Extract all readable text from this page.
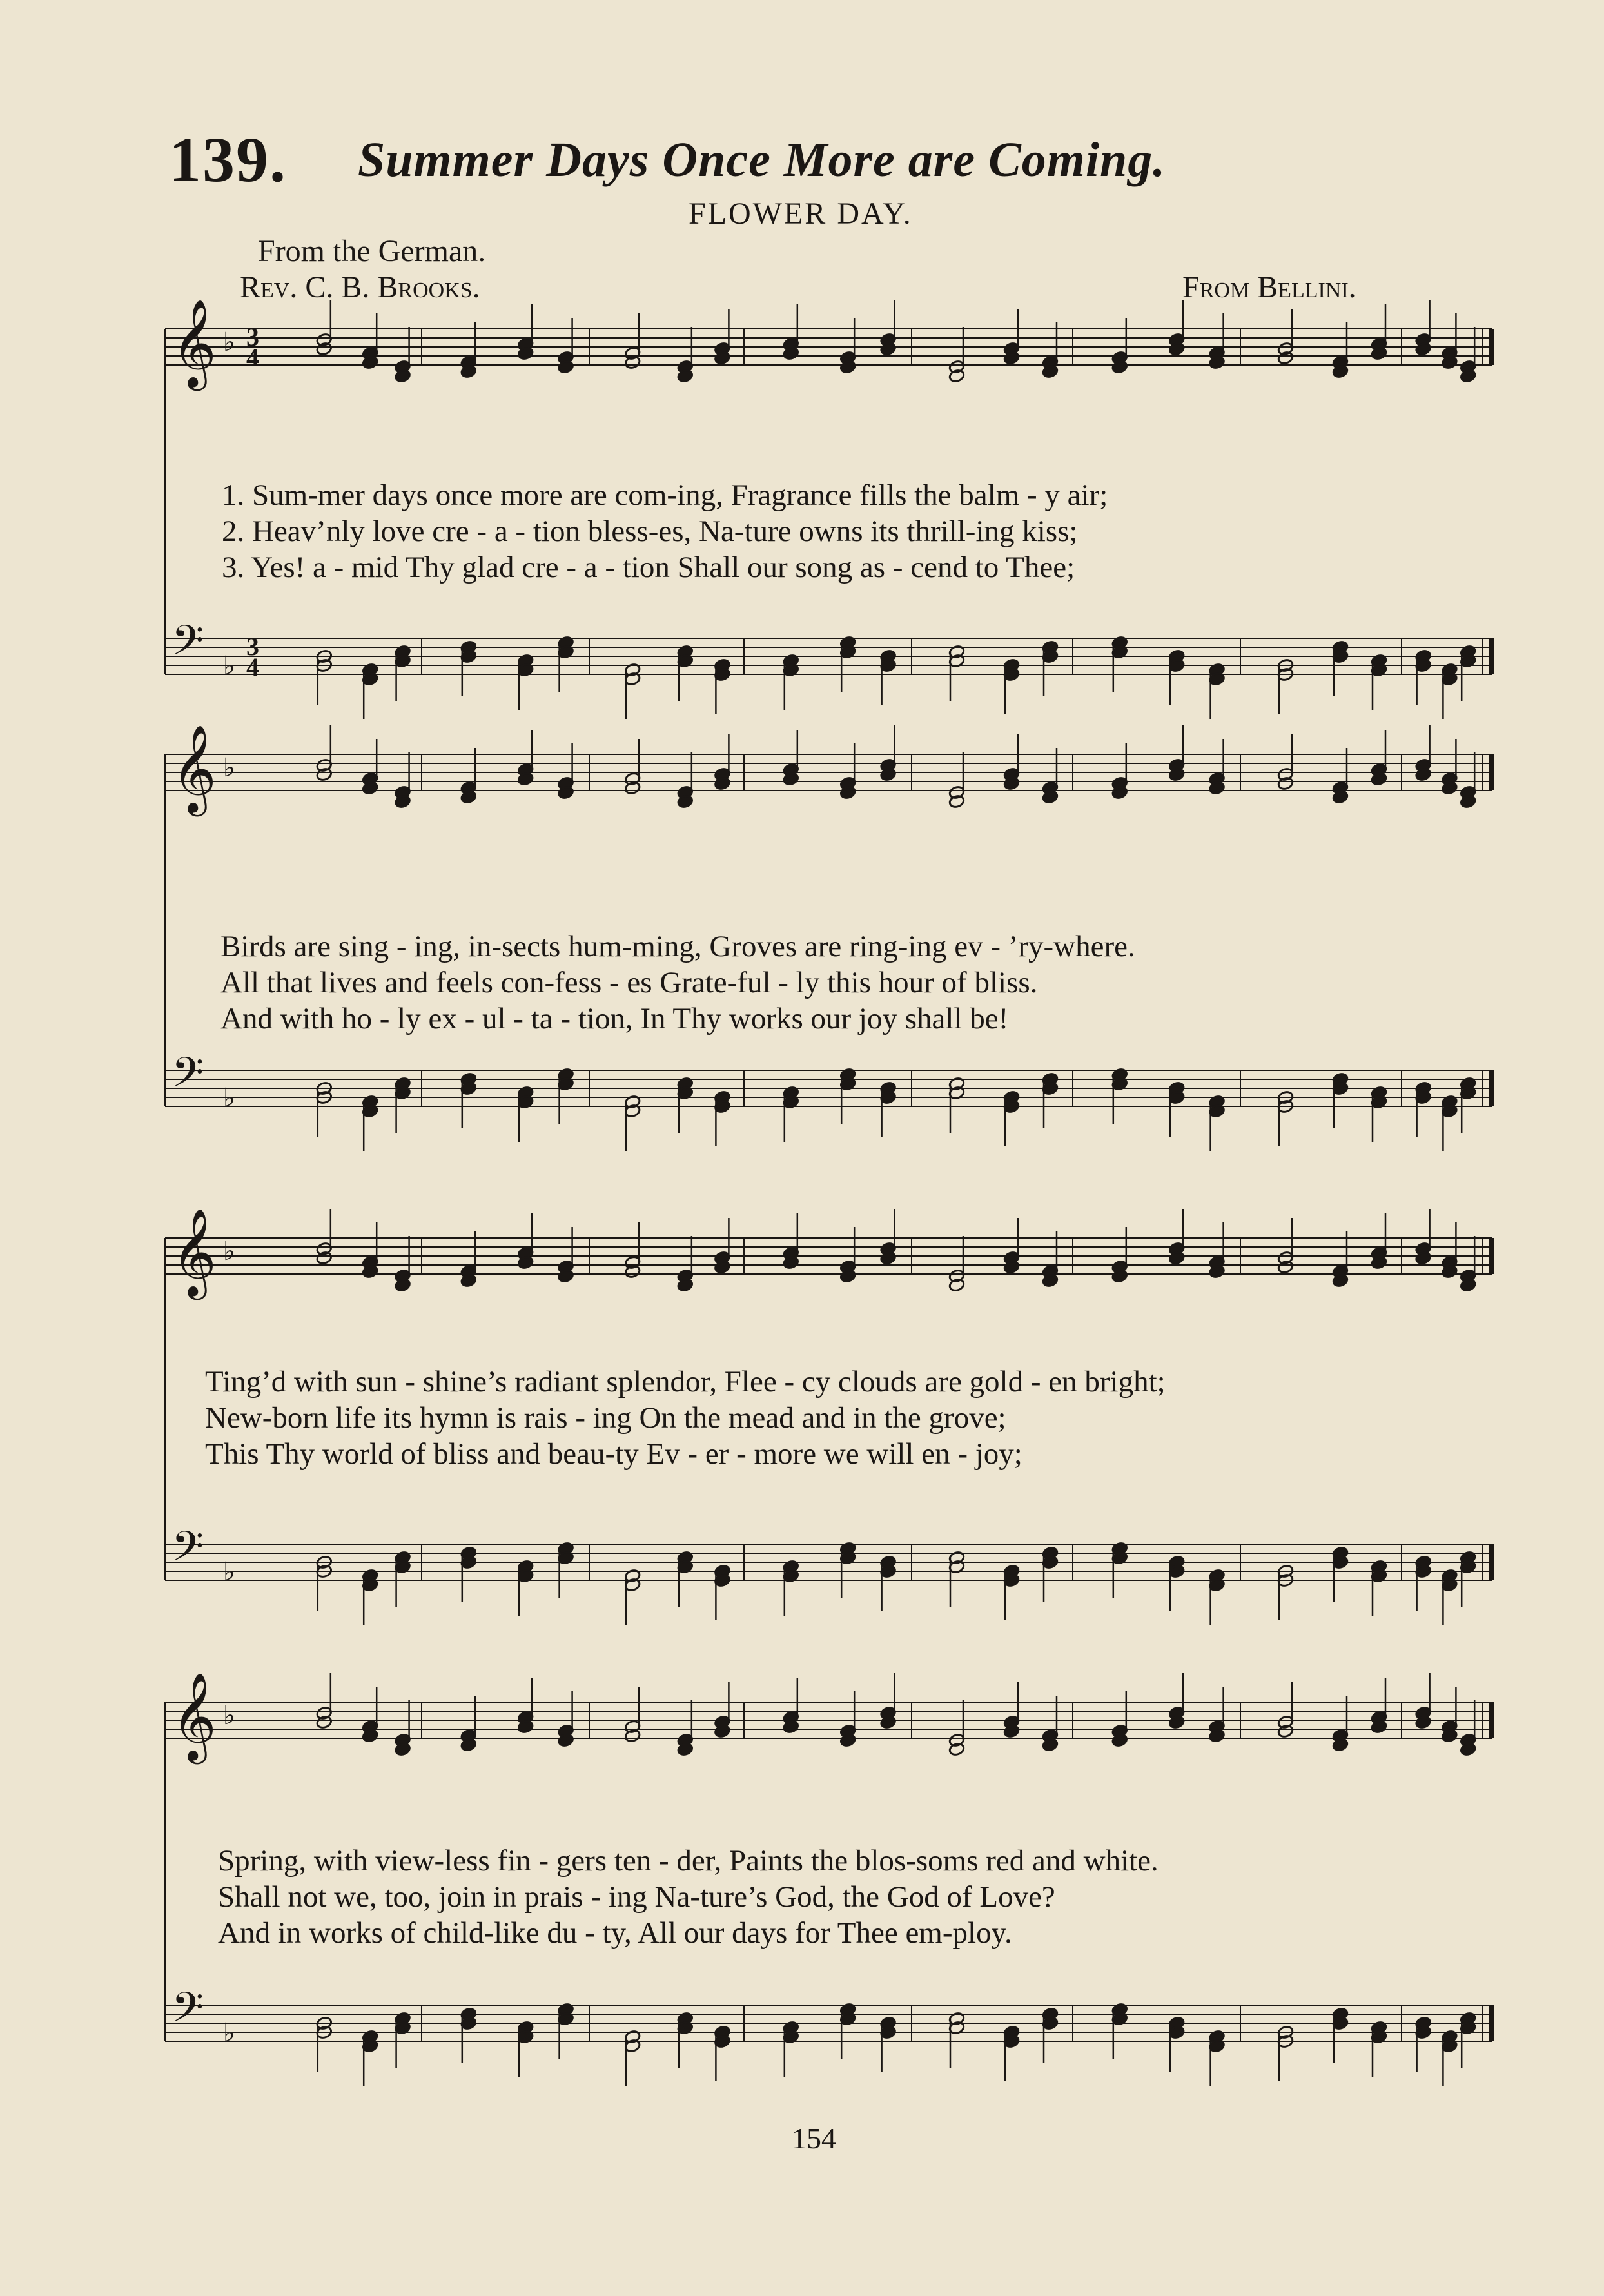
139. Summer Days Once More are Coming.
FLOWER DAY.
From the German.
Rev. C. B. Brooks.	From Bellini.
𝄞 ♭ 3
4
𝄢 ♭
3
4
1. Sum-mer days once more are com-ing, Fragrance fills the balm - y air;
2. Heav’nly love cre - a - tion bless-es, Na-ture owns its thrill-ing kiss;
3. Yes! a - mid Thy glad cre - a - tion Shall our song as - cend to Thee;
𝄞 ♭
𝄢 ♭
Birds are sing - ing, in-sects hum-ming, Groves are ring-ing ev - ’ry-where.
All that lives and feels con-fess - es Grate-ful - ly this hour of bliss.
And with ho - ly ex - ul - ta - tion, In Thy works our joy shall be!
𝄞 ♭
𝄢 ♭
Ting’d with sun - shine’s radiant splendor, Flee - cy clouds are gold - en bright;
New-born life its hymn is rais - ing On the mead and in the grove;
This Thy world of bliss and beau-ty Ev - er - more we will en - joy;
𝄞 ♭
𝄢 ♭
Spring, with view-less fin - gers ten - der, Paints the blos-soms red and white.
Shall not we, too, join in prais - ing Na-ture’s God, the God of Love?
And in works of child-like du - ty, All our days for Thee em-ploy.
154
